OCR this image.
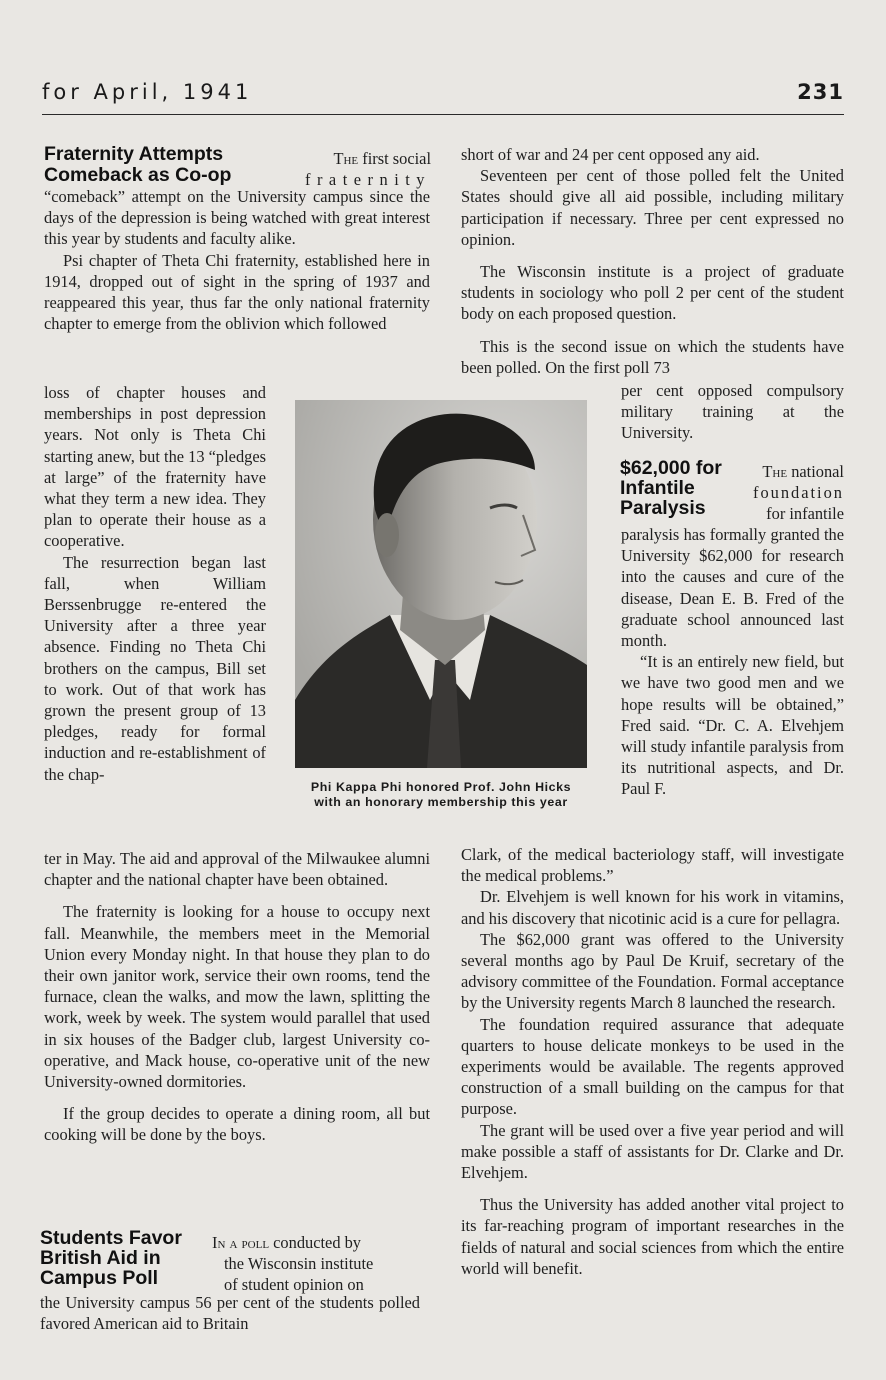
for April, 1941	231
Fraternity Attempts
Comeback as Co-op
The first social
fraternity

“comeback” attempt on the University campus since the days of the depression is being watched with great interest this year by students and faculty alike.

Psi chapter of Theta Chi fraternity, established here in 1914, dropped out of sight in the spring of 1937 and reappeared this year, thus far the only national fraternity chapter to emerge from the oblivion which followed

loss of chapter houses and memberships in post depression years. Not only is Theta Chi starting anew, but the 13 “pledges at large” of the fraternity have what they term a new idea. They plan to operate their house as a cooperative.

The resurrection began last fall, when William Berssenbrugge re-entered the University after a three year absence. Finding no Theta Chi brothers on the campus, Bill set to work. Out of that work has grown the present group of 13 pledges, ready for formal induction and re-establishment of the chap-

ter in May. The aid and approval of the Milwaukee alumni chapter and the national chapter have been obtained.

The fraternity is looking for a house to occupy next fall. Meanwhile, the members meet in the Memorial Union every Monday night. In that house they plan to do their own janitor work, service their own rooms, tend the furnace, clean the walks, and mow the lawn, splitting the work, week by week. The system would parallel that used in six houses of the Badger club, largest University co-operative, and Mack house, co-operative unit of the new University-owned dormitories.

If the group decides to operate a dining room, all but cooking will be done by the boys.

Phi Kappa Phi honored Prof. John Hicks with an honorary membership this year
Students Favor
British Aid in
Campus Poll
In a poll conducted by
the Wisconsin institute
of student opinion on

the University campus 56 per cent of the students polled favored American aid to Britain

short of war and 24 per cent opposed any aid.

Seventeen per cent of those polled felt the United States should give all aid possible, including military participation if necessary. Three per cent expressed no opinion.

The Wisconsin institute is a project of graduate students in sociology who poll 2 per cent of the student body on each proposed question.

This is the second issue on which the students have been polled. On the first poll 73

per cent opposed compulsory military training at the University.

$62,000 for
Infantile
Paralysis
The national
foundation
for infantile

paralysis has formally granted the University $62,000 for research into the causes and cure of the disease, Dean E. B. Fred of the graduate school announced last month.

“It is an entirely new field, but we have two good men and we hope results will be obtained,” Fred said. “Dr. C. A. Elvehjem will study infantile paralysis from its nutritional aspects, and Dr. Paul F.

Clark, of the medical bacteriology staff, will investigate the medical problems.”

Dr. Elvehjem is well known for his work in vitamins, and his discovery that nicotinic acid is a cure for pellagra.

The $62,000 grant was offered to the University several months ago by Paul De Kruif, secretary of the advisory committee of the Foundation. Formal acceptance by the University regents March 8 launched the research.

The foundation required assurance that adequate quarters to house delicate monkeys to be used in the experiments would be available. The regents approved construction of a small building on the campus for that purpose.

The grant will be used over a five year period and will make possible a staff of assistants for Dr. Clarke and Dr. Elvehjem.

Thus the University has added another vital project to its far-reaching program of important researches in the fields of natural and social sciences from which the entire world will benefit.
